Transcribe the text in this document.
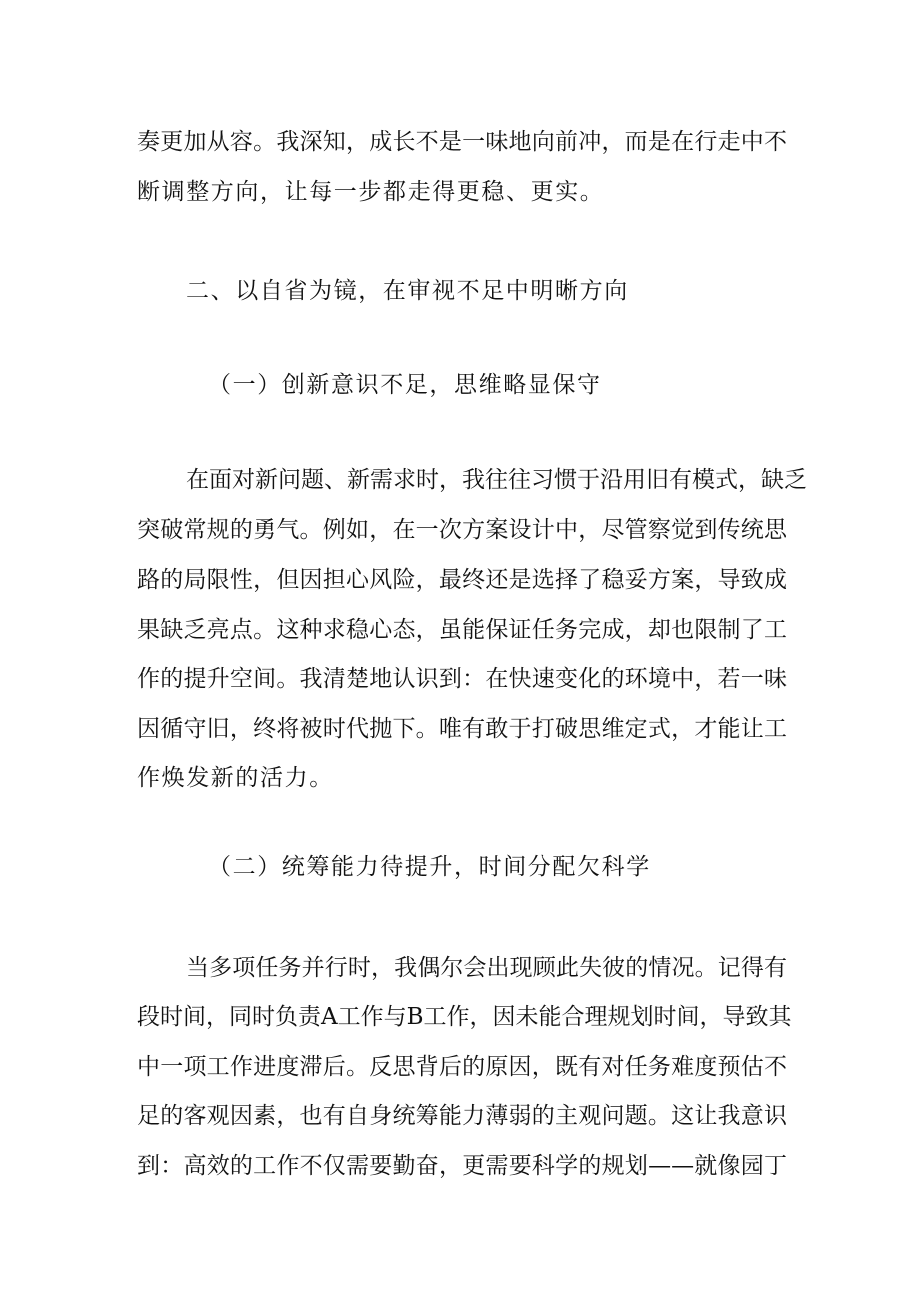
奏更加从容。我深知，成长不是一味地向前冲，而是在行走中不
断调整方向，让每一步都走得更稳、更实。
二、以自省为镜，在审视不足中明晰方向
（一）创新意识不足，思维略显保守
在面对新问题、新需求时，我往往习惯于沿用旧有模式，缺乏
突破常规的勇气。例如，在一次方案设计中，尽管察觉到传统思
路的局限性，但因担心风险，最终还是选择了稳妥方案，导致成
果缺乏亮点。这种求稳心态，虽能保证任务完成，却也限制了工
作的提升空间。我清楚地认识到：在快速变化的环境中，若一味
因循守旧，终将被时代抛下。唯有敢于打破思维定式，才能让工
作焕发新的活力。
（二）统筹能力待提升，时间分配欠科学
当多项任务并行时，我偶尔会出现顾此失彼的情况。记得有
段时间，同时负责A工作与B工作，因未能合理规划时间，导致其
中一项工作进度滞后。反思背后的原因，既有对任务难度预估不
足的客观因素，也有自身统筹能力薄弱的主观问题。这让我意识
到：高效的工作不仅需要勤奋，更需要科学的规划——就像园丁
